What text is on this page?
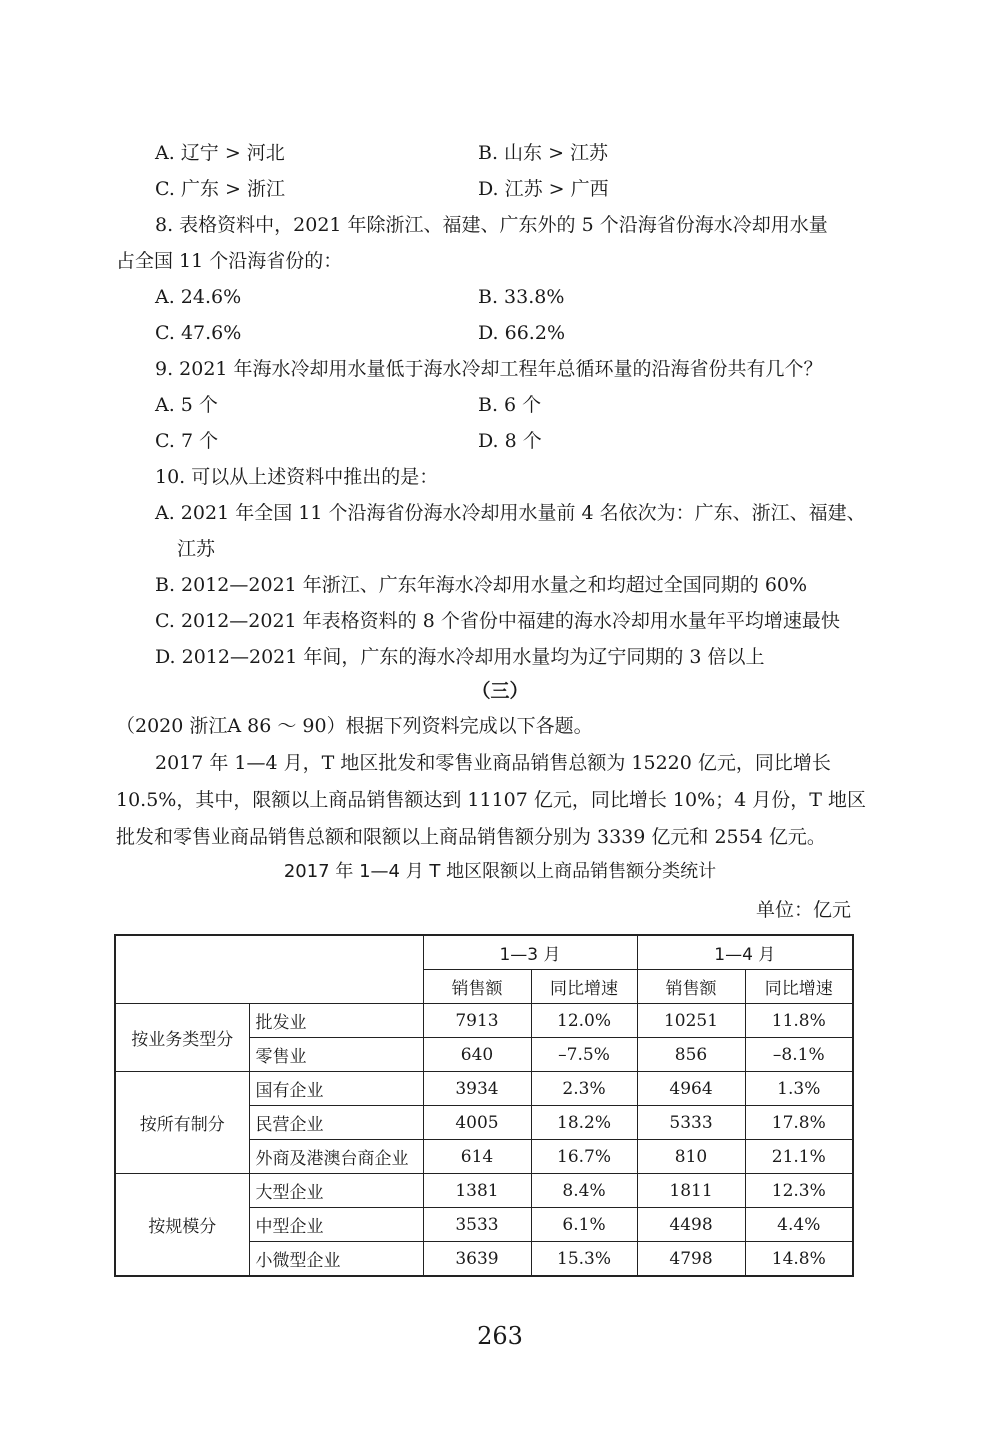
A. 辽宁 > 河北	B. 山东 > 江苏
C. 广东 > 浙江	D. 江苏 > 广西
8. 表格资料中，2021 年除浙江、福建、广东外的 5 个沿海省份海水冷却用水量
占全国 11 个沿海省份的：
A. 24.6%	B. 33.8%
C. 47.6%	D. 66.2%
9. 2021 年海水冷却用水量低于海水冷却工程年总循环量的沿海省份共有几个？
A. 5 个	B. 6 个
C. 7 个	D. 8 个
10. 可以从上述资料中推出的是：
A. 2021 年全国 11 个沿海省份海水冷却用水量前 4 名依次为：广东、浙江、福建、
江苏
B. 2012—2021 年浙江、广东年海水冷却用水量之和均超过全国同期的 60%
C. 2012—2021 年表格资料的 8 个省份中福建的海水冷却用水量年平均增速最快
D. 2012—2021 年间，广东的海水冷却用水量均为辽宁同期的 3 倍以上
（三）
（2020 浙江A 86 ～ 90）根据下列资料完成以下各题。
2017 年 1—4 月，T 地区批发和零售业商品销售总额为 15220 亿元，同比增长
10.5%，其中，限额以上商品销售额达到 11107 亿元，同比增长 10%；4 月份，T 地区
批发和零售业商品销售总额和限额以上商品销售额分别为 3339 亿元和 2554 亿元。
2017 年 1—4 月 T 地区限额以上商品销售额分类统计
单位：亿元
		1—3 月		1—4 月	
		销售额	同比增速	销售额	同比增速
按业务类型分	批发业	7913	12.0%	10251	11.8%
	零售业	640	–7.5%	856	–8.1%
按所有制分	国有企业	3934	2.3%	4964	1.3%
	民营企业	4005	18.2%	5333	17.8%
	外商及港澳台商企业	614	16.7%	810	21.1%
按规模分	大型企业	1381	8.4%	1811	12.3%
	中型企业	3533	6.1%	4498	4.4%
	小微型企业	3639	15.3%	4798	14.8%
263
